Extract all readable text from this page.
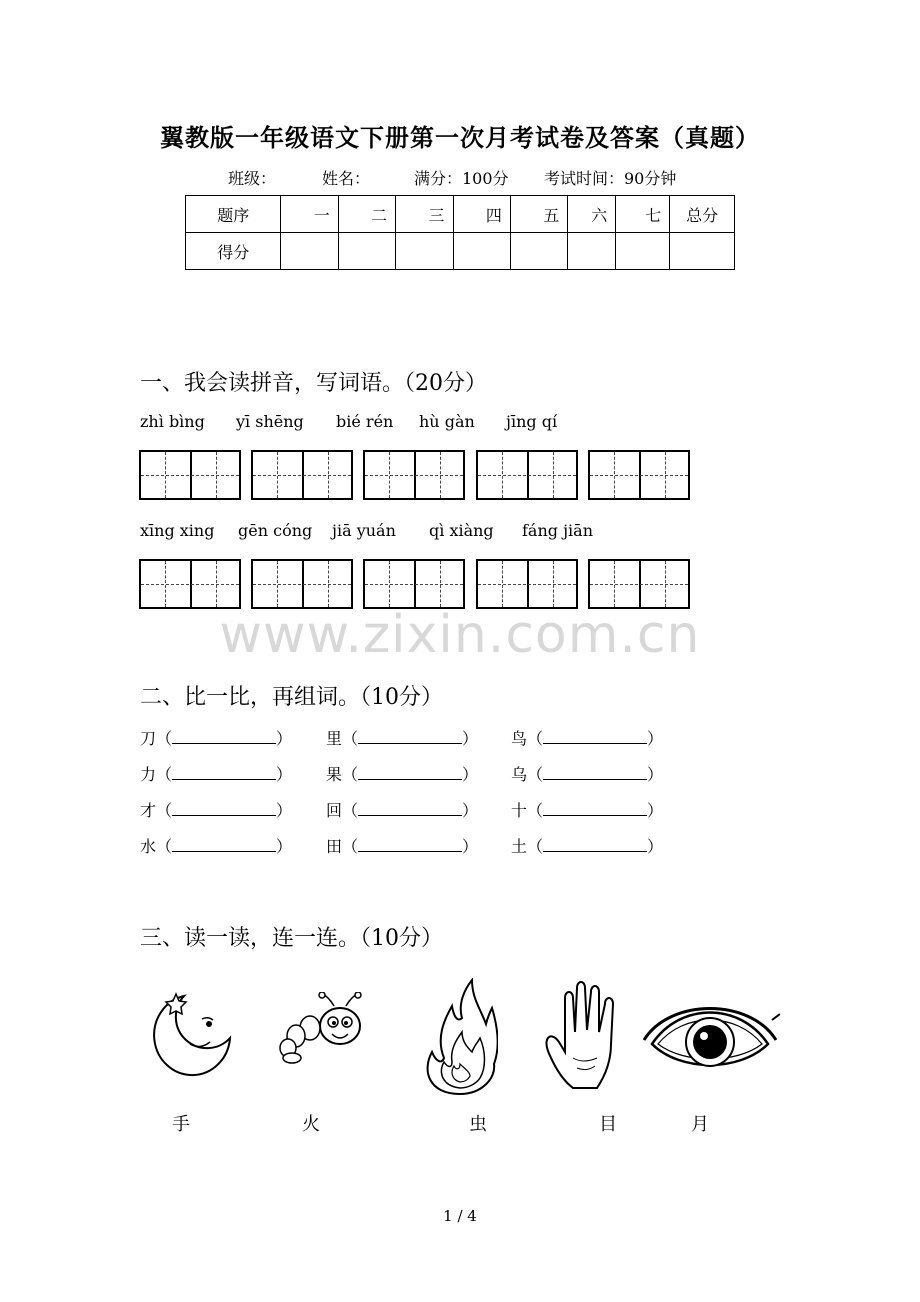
翼教版一年级语文下册第一次月考试卷及答案（真题）
班级：	姓名：	满分：100分 考试时间：90分钟
题序	一	二	三	四	五	六	七	总分
得分								
一、我会读拼音，写词语。（20分）
zhì bìng yī shēng bié rén hù gàn jīng qí
xīng xing gēn cóng jiā yuán qì xiàng fáng jiān
www.zixin.com.cn
二、比一比，再组词。（10分）
刀（	） 里（	） 鸟（	）
力（	） 果（	） 乌（	）
才（	） 回（	） 十（	）
水（	） 田（	） 土（	）
三、读一读，连一连。（10分）
手	火	虫	目	月
1 / 4
